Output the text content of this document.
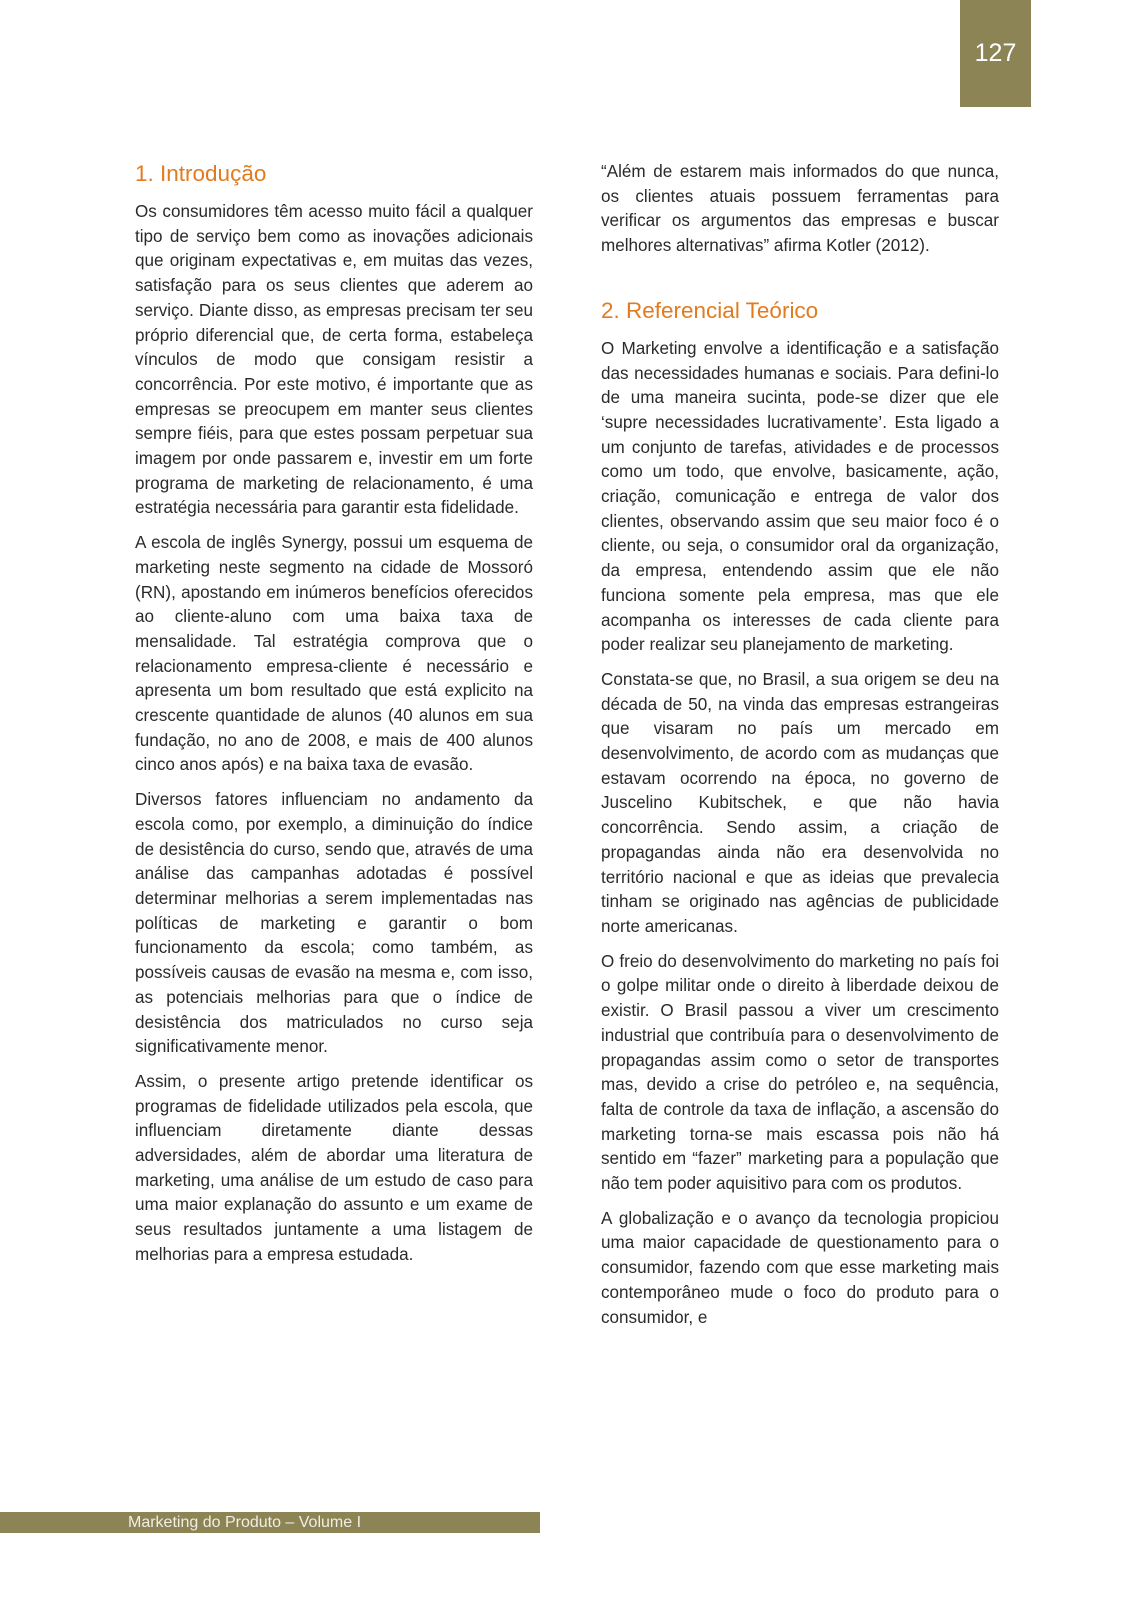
127
1. Introdução

Os consumidores têm acesso muito fácil a qualquer tipo de serviço bem como as inovações adicionais que originam expectativas e, em muitas das vezes, satisfação para os seus clientes que aderem ao serviço. Diante disso, as empresas precisam ter seu próprio diferencial que, de certa forma, estabeleça vínculos de modo que consigam resistir a concorrência. Por este motivo, é importante que as empresas se preocupem em manter seus clientes sempre fiéis, para que estes possam perpetuar sua imagem por onde passarem e, investir em um forte programa de marketing de relacionamento, é uma estratégia necessária para garantir esta fidelidade.

A escola de inglês Synergy, possui um esquema de marketing neste segmento na cidade de Mossoró (RN), apostando em inúmeros benefícios oferecidos ao cliente-aluno com uma baixa taxa de mensalidade. Tal estratégia comprova que o relacionamento empresa-cliente é necessário e apresenta um bom resultado que está explicito na crescente quantidade de alunos (40 alunos em sua fundação, no ano de 2008, e mais de 400 alunos cinco anos após) e na baixa taxa de evasão.

Diversos fatores influenciam no andamento da escola como, por exemplo, a diminuição do índice de desistência do curso, sendo que, através de uma análise das campanhas adotadas é possível determinar melhorias a serem implementadas nas políticas de marketing e garantir o bom funcionamento da escola; como também, as possíveis causas de evasão na mesma e, com isso, as potenciais melhorias para que o índice de desistência dos matriculados no curso seja significativamente menor.

Assim, o presente artigo pretende identificar os programas de fidelidade utilizados pela escola, que influenciam diretamente diante dessas adversidades, além de abordar uma literatura de marketing, uma análise de um estudo de caso para uma maior explanação do assunto e um exame de seus resultados juntamente a uma listagem de melhorias para a empresa estudada.

“Além de estarem mais informados do que nunca, os clientes atuais possuem ferramentas para verificar os argumentos das empresas e buscar melhores alternativas” afirma Kotler (2012).

2. Referencial Teórico

O Marketing envolve a identificação e a satisfação das necessidades humanas e sociais. Para defini-lo de uma maneira sucinta, pode-se dizer que ele ‘supre necessidades lucrativamente’. Esta ligado a um conjunto de tarefas, atividades e de processos como um todo, que envolve, basicamente, ação, criação, comunicação e entrega de valor dos clientes, observando assim que seu maior foco é o cliente, ou seja, o consumidor oral da organização, da empresa, entendendo assim que ele não funciona somente pela empresa, mas que ele acompanha os interesses de cada cliente para poder realizar seu planejamento de marketing.

Constata-se que, no Brasil, a sua origem se deu na década de 50, na vinda das empresas estrangeiras que visaram no país um mercado em desenvolvimento, de acordo com as mudanças que estavam ocorrendo na época, no governo de Juscelino Kubitschek, e que não havia concorrência. Sendo assim, a criação de propagandas ainda não era desenvolvida no território nacional e que as ideias que prevalecia tinham se originado nas agências de publicidade norte americanas.

O freio do desenvolvimento do marketing no país foi o golpe militar onde o direito à liberdade deixou de existir. O Brasil passou a viver um crescimento industrial que contribuía para o desenvolvimento de propagandas assim como o setor de transportes mas, devido a crise do petróleo e, na sequência, falta de controle da taxa de inflação, a ascensão do marketing torna-se mais escassa pois não há sentido em “fazer” marketing para a população que não tem poder aquisitivo para com os produtos.

A globalização e o avanço da tecnologia propiciou uma maior capacidade de questionamento para o consumidor, fazendo com que esse marketing mais contemporâneo mude o foco do produto para o consumidor, e

Marketing do Produto – Volume I
